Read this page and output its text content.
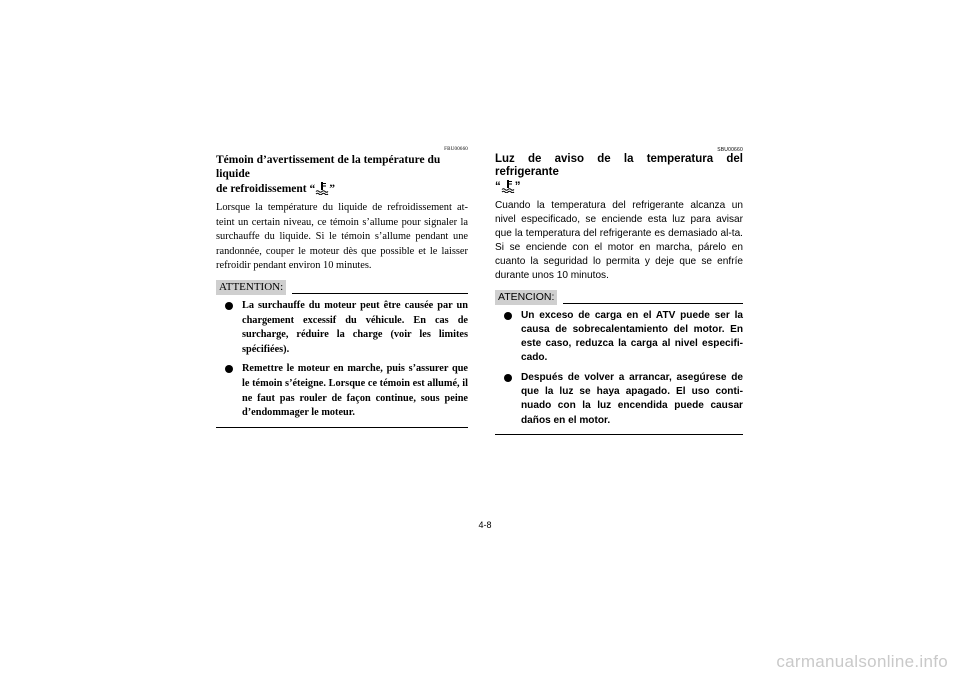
FBU00660

Témoin d’avertissement de la température du liquide
de refroidissement “ ”

Lorsque la température du liquide de refroidissement at-teint un certain niveau, ce témoin s’allume pour signaler la surchauffe du liquide. Si le témoin s’allume pendant une randonnée, couper le moteur dès que possible et le laisser refroidir pendant environ 10 minutes.

ATTENTION:
La surchauffe du moteur peut être causée par un chargement excessif du véhicule. En cas de surcharge, réduire la charge (voir les limites spécifiées).
Remettre le moteur en marche, puis s’assurer que le témoin s’éteigne. Lorsque ce témoin est allumé, il ne faut pas rouler de façon continue, sous peine d’endommager le moteur.
SBU00660

Luz de aviso de la temperatura del refrigerante
“ ”

Cuando la temperatura del refrigerante alcanza un nivel especificado, se enciende esta luz para avisar que la temperatura del refrigerante es demasiado al-ta. Si se enciende con el motor en marcha, párelo en cuanto la seguridad lo permita y deje que se enfríe durante unos 10 minutos.

ATENCION:
Un exceso de carga en el ATV puede ser la causa de sobrecalentamiento del motor. En este caso, reduzca la carga al nivel especifi-cado.
Después de volver a arrancar, asegúrese de que la luz se haya apagado. El uso conti-nuado con la luz encendida puede causar daños en el motor.
4-8
carmanualsonline.info
